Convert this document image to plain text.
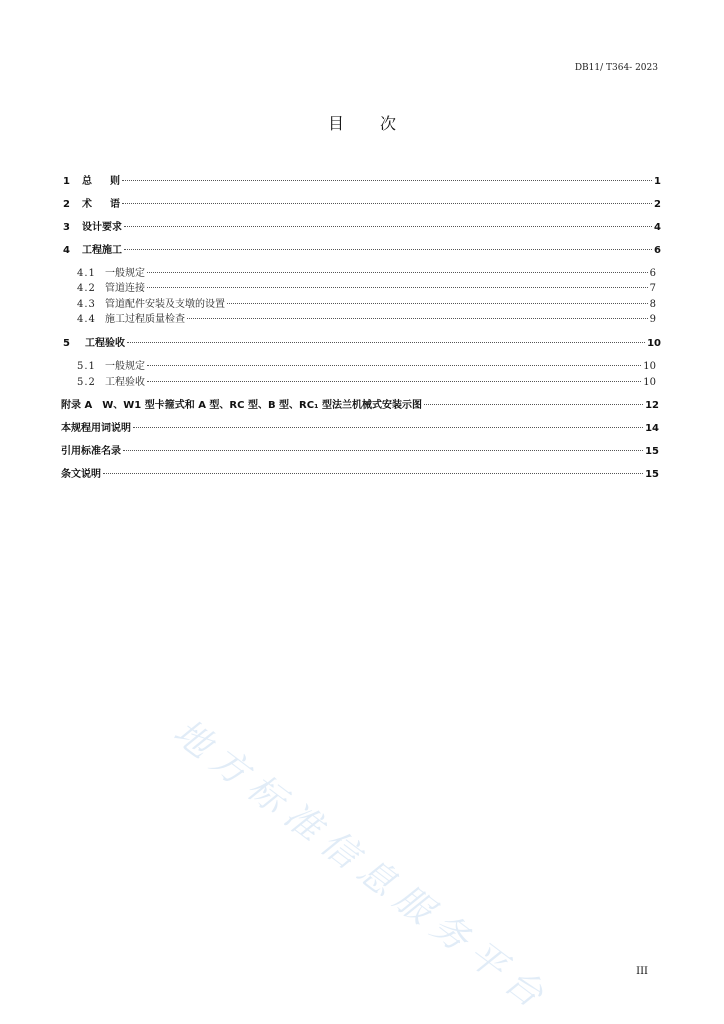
DB11/ T364- 2023
目 次
1	总 则	1
2	术 语	2
3	设计要求	4
4	工程施工	6
4.1 一般规定	6
4.2 管道连接	7
4.3 管道配件安装及支墩的设置	8
4.4 施工过程质量检查	9
5	工程验收	10
5.1 一般规定	10
5.2 工程验收	10
附录 A　W、W1 型卡箍式和 A 型、RC 型、B 型、RC₁ 型法兰机械式安装示图	12
本规程用词说明	14
引用标准名录	15
条文说明	15
地方标准信息服务平台	III
